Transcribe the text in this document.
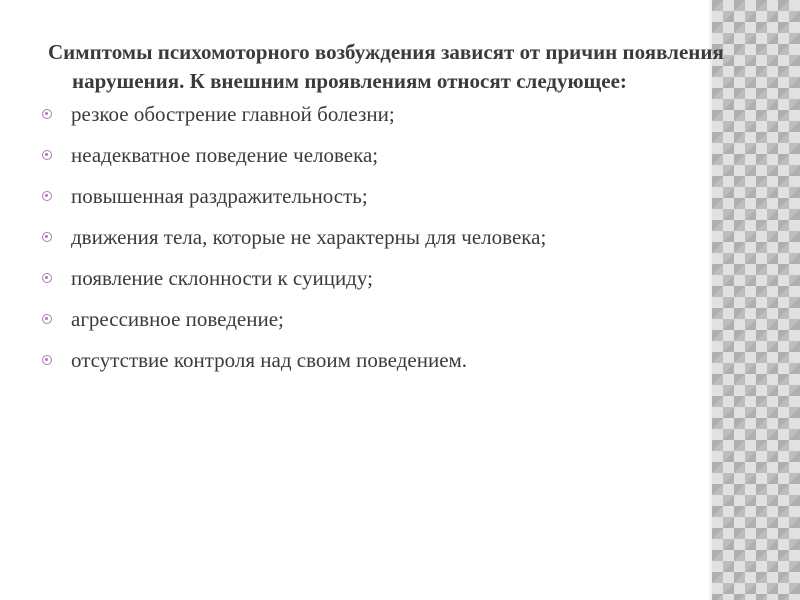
Симптомы психомоторного возбуждения зависят от причин появления нарушения. К внешним проявлениям относят следующее:

резкое обострение главной болезни;
неадекватное поведение человека;
повышенная раздражительность;
движения тела, которые не характерны для человека;
появление склонности к суициду;
агрессивное поведение;
отсутствие контроля над своим поведением.
